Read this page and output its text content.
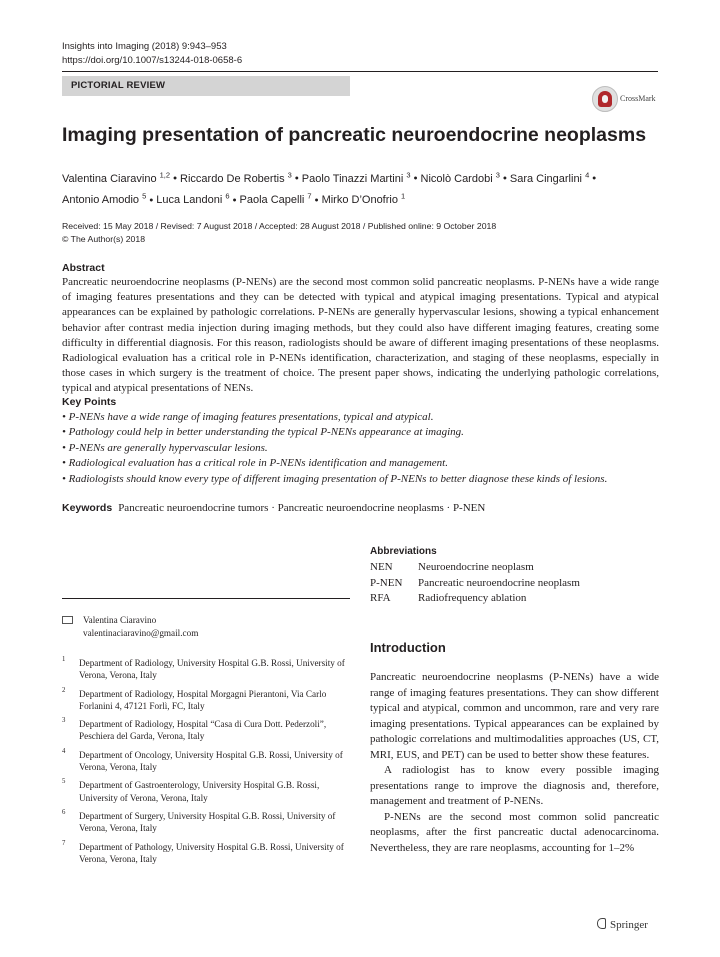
Insights into Imaging (2018) 9:943–953
https://doi.org/10.1007/s13244-018-0658-6
PICTORIAL REVIEW
CrossMark
Imaging presentation of pancreatic neuroendocrine neoplasms
Valentina Ciaravino $^{1,2}$ • Riccardo De Robertis $^3$ • Paolo Tinazzi Martini $^3$ • Nicolò Cardobi $^3$ • Sara Cingarlini $^4$ •
Antonio Amodio $^5$ • Luca Landoni $^6$ • Paola Capelli $^7$ • Mirko D’Onofrio $^1$
Received: 15 May 2018 / Revised: 7 August 2018 / Accepted: 28 August 2018 / Published online: 9 October 2018
© The Author(s) 2018
Abstract
Pancreatic neuroendocrine neoplasms (P-NENs) are the second most common solid pancreatic neoplasms. P-NENs have a wide range of imaging features presentations and they can be detected with typical and atypical imaging presentations. Typical and atypical appearances can be explained by pathologic correlations. P-NENs are generally hypervascular lesions, showing a typical enhancement behavior after contrast media injection during imaging methods, but they could also have different imaging features, creating some difficulty in differential diagnosis. For this reason, radiologists should be aware of different imaging presentations of these neoplasms. Radiological evaluation has a critical role in P-NENs identification, characterization, and staging of these neoplasms, especially in those cases in which surgery is the treatment of choice. The present paper shows, indicating the underlying pathologic correlations, typical and atypical presentations of NENs.
Key Points
• P-NENs have a wide range of imaging features presentations, typical and atypical.
• Pathology could help in better understanding the typical P-NENs appearance at imaging.
• P-NENs are generally hypervascular lesions.
• Radiological evaluation has a critical role in P-NENs identification and management.
• Radiologists should know every type of different imaging presentation of P-NENs to better diagnose these kinds of lesions.
Keywords Pancreatic neuroendocrine tumors · Pancreatic neuroendocrine neoplasms · P-NEN
Abbreviations
NEN	Neuroendocrine neoplasm
P-NEN	Pancreatic neuroendocrine neoplasm
RFA	Radiofrequency ablation
Valentina Ciaravino
valentinaciaravino@gmail.com
1 Department of Radiology, University Hospital G.B. Rossi, University of Verona, Verona, Italy
2 Department of Radiology, Hospital Morgagni Pierantoni, Via Carlo Forlanini 4, 47121 Forlì, FC, Italy
3 Department of Radiology, Hospital “Casa di Cura Dott. Pederzoli”, Peschiera del Garda, Verona, Italy
4 Department of Oncology, University Hospital G.B. Rossi, University of Verona, Verona, Italy
5 Department of Gastroenterology, University Hospital G.B. Rossi, University of Verona, Verona, Italy
6 Department of Surgery, University Hospital G.B. Rossi, University of Verona, Verona, Italy
7 Department of Pathology, University Hospital G.B. Rossi, University of Verona, Verona, Italy
Introduction

Pancreatic neuroendocrine neoplasms (P-NENs) have a wide range of imaging features presentations. They can show different typical and atypical, common and uncommon, rare and very rare imaging presentations. Typical appearances can be explained by pathologic correlations and multimodalities approaches (US, CT, MRI, EUS, and PET) can be used to better show these features.

A radiologist has to know every possible imaging presentations range to improve the diagnosis and, therefore, management and treatment of P-NENs.

P-NENs are the second most common solid pancreatic neoplasms, after the first pancreatic ductal adenocarcinoma. Nevertheless, they are rare neoplasms, accounting for 1–2%

Springer
